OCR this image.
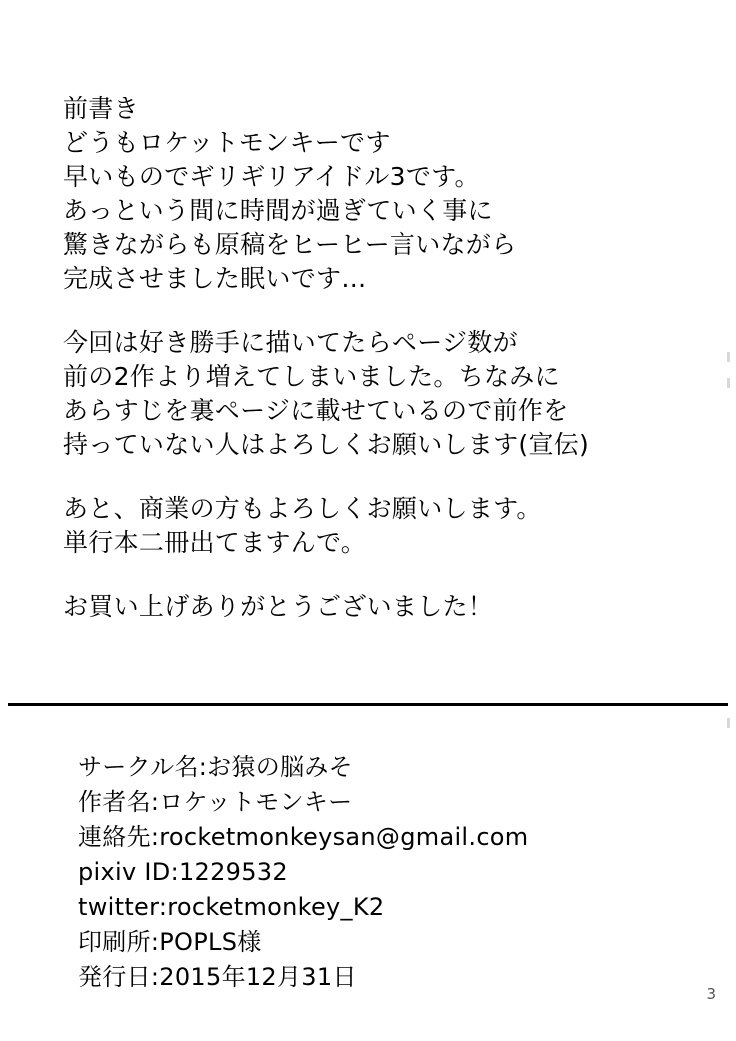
前書き
どうもロケットモンキーです
早いものでギリギリアイドル3です。
あっという間に時間が過ぎていく事に
驚きながらも原稿をヒーヒー言いながら
完成させました眠いです…
今回は好き勝手に描いてたらページ数が
前の2作より増えてしまいました。ちなみに
あらすじを裏ページに載せているので前作を
持っていない人はよろしくお願いします(宣伝)
あと、商業の方もよろしくお願いします。
単行本二冊出てますんで。
お買い上げありがとうございました！
サークル名:お猿の脳みそ
作者名:ロケットモンキー
連絡先:rocketmonkeysan@gmail.com
pixiv ID:1229532
twitter:rocketmonkey_K2
印刷所:POPLS様
発行日:2015年12月31日
3
